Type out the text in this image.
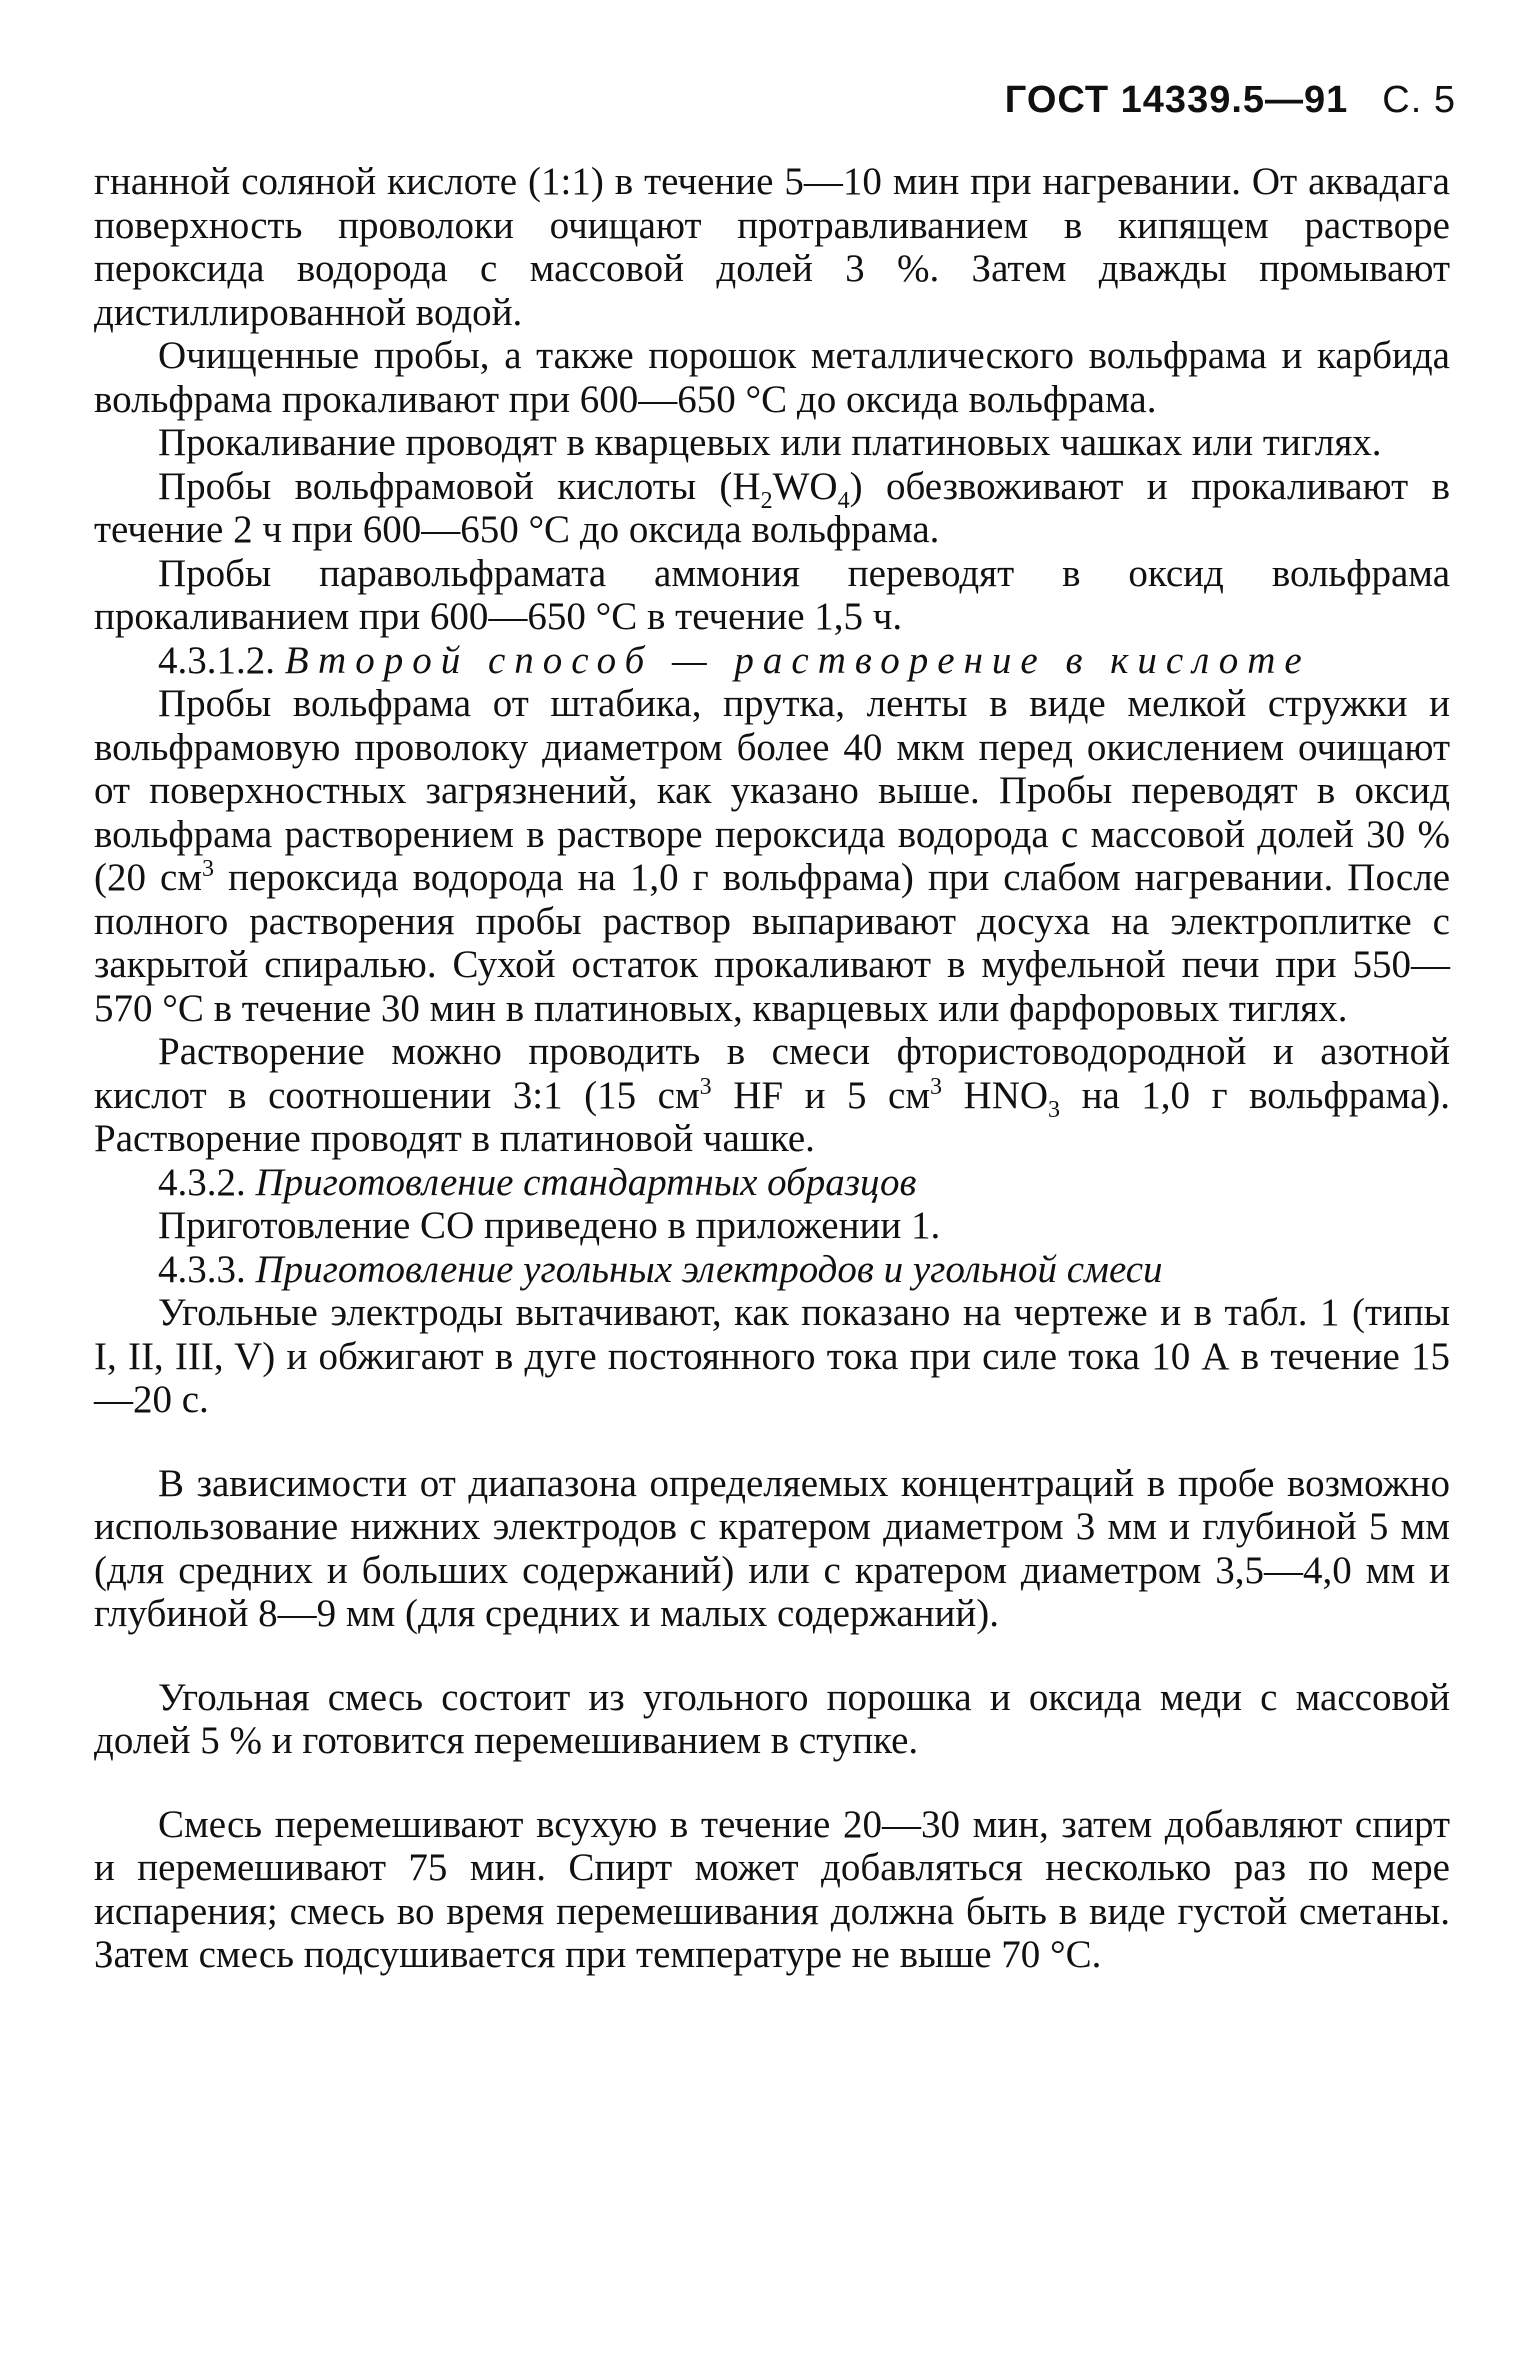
ГОСТ 14339.5—91 С. 5

гнанной соляной кислоте (1:1) в течение 5—10 мин при нагревании. От аквадага поверхность проволоки очищают протравливанием в кипящем растворе пероксида водорода с массовой долей 3 %. Затем дважды промывают дистиллированной водой.

Очищенные пробы, а также порошок металлического вольфрама и карбида вольфрама прокаливают при 600—650 °С до оксида вольфрама.

Прокаливание проводят в кварцевых или платиновых чашках или тиглях.

Пробы вольфрамовой кислоты $(H_2WO_4)$ обезвоживают и прокаливают в течение 2 ч при 600—650 °С до оксида вольфрама.

Пробы паравольфрамата аммония переводят в оксид вольфрама прокаливанием при 600—650 °С в течение 1,5 ч.

4.3.1.2. Второй способ — растворение в кислоте

Пробы вольфрама от штабика, прутка, ленты в виде мелкой стружки и вольфрамовую проволоку диаметром более 40 мкм перед окислением очищают от поверхностных загрязнений, как указано выше. Пробы переводят в оксид вольфрама растворением в растворе пероксида водорода с массовой долей 30 % (20 $см^3$ пероксида водорода на 1,0 г вольфрама) при слабом нагревании. После полного растворения пробы раствор выпаривают досуха на электроплитке с закрытой спиралью. Сухой остаток прокаливают в муфельной печи при 550—570 °С в течение 30 мин в платиновых, кварцевых или фарфоровых тиглях.

Растворение можно проводить в смеси фтористоводородной и азотной кислот в соотношении 3:1 (15 $см^3$ HF и 5 $см^3$ $HNO_3$ на 1,0 г вольфрама). Растворение проводят в платиновой чашке.

4.3.2. Приготовление стандартных образцов

Приготовление СО приведено в приложении 1.

4.3.3. Приготовление угольных электродов и угольной смеси

Угольные электроды вытачивают, как показано на чертеже и в табл. 1 (типы I, II, III, V) и обжигают в дуге постоянного тока при силе тока 10 А в течение 15—20 с.

В зависимости от диапазона определяемых концентраций в пробе возможно использование нижних электродов с кратером диаметром 3 мм и глубиной 5 мм (для средних и больших содержаний) или с кратером диаметром 3,5—4,0 мм и глубиной 8—9 мм (для средних и малых содержаний).

Угольная смесь состоит из угольного порошка и оксида меди с массовой долей 5 % и готовится перемешиванием в ступке.

Смесь перемешивают всухую в течение 20—30 мин, затем добавляют спирт и перемешивают 75 мин. Спирт может добавляться несколько раз по мере испарения; смесь во время перемешивания должна быть в виде густой сметаны. Затем смесь подсушивается при температуре не выше 70 °С.
